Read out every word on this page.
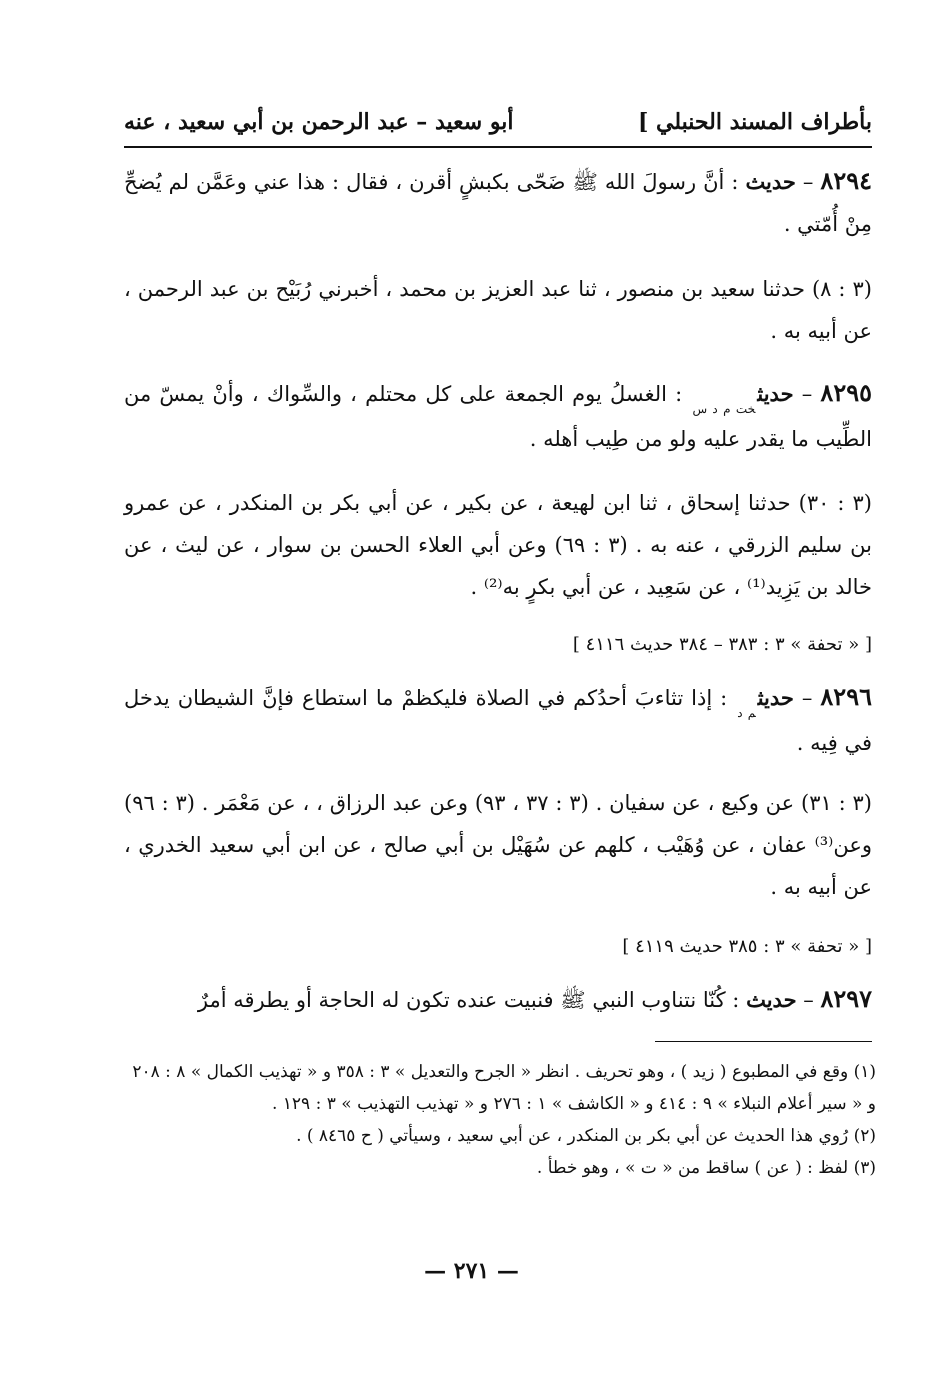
بأطراف المسند الحنبلي ]
أبو سعيد – عبد الرحمن بن أبي سعيد ، عنه
٨٢٩٤ – حديث : أنَّ رسولَ الله ﷺ ضَحّى بكبشٍ أقرن ، فقال : هذا عني وعَمَّن لم يُضحِّ مِنْ أُمّتي .
(٣ : ٨) حدثنا سعيد بن منصور ، ثنا عبد العزيز بن محمد ، أخبرني رُبَيْح بن عبد الرحمن ، عن أبيه به .
٨٢٩٥ – حديث$_{خت م د س}$ : الغسلُ يوم الجمعة على كل محتلم ، والسِّواك ، وأنْ يمسّ من الطِّيب ما يقدر عليه ولو من طِيب أهله .
(٣ : ٣٠) حدثنا إسحاق ، ثنا ابن لهيعة ، عن بكير ، عن أبي بكر بن المنكدر ، عن عمرو بن سليم الزرقي ، عنه به . (٣ : ٦٩) وعن أبي العلاء الحسن بن سوار ، عن ليث ، عن خالد بن يَزِيد⁽¹⁾ ، عن سَعِيد ، عن أبي بكرٍ به⁽²⁾ .
[ « تحفة » ٣ : ٣٨٣ – ٣٨٤ حديث ٤١١٦ ]
٨٢٩٦ – حديث$_{م د}$ : إذا تثاءبَ أحدُكم في الصلاة فليكظمْ ما استطاع فإنَّ الشيطان يدخل في فِيه .
(٣ : ٣١) عن وكيع ، عن سفيان . (٣ : ٣٧ ، ٩٣) وعن عبد الرزاق ، ، عن مَعْمَر . (٣ : ٩٦) وعن⁽³⁾ عفان ، عن وُهَيْب ، كلهم عن سُهَيْل بن أبي صالح ، عن ابن أبي سعيد الخدري ، عن أبيه به .
[ « تحفة » ٣ : ٣٨٥ حديث ٤١١٩ ]
٨٢٩٧ – حديث : كُنّا نتناوب النبي ﷺ فنبيت عنده تكون له الحاجة أو يطرقه أمرٌ

(١) وقع في المطبوع ( زيد ) ، وهو تحريف . انظر « الجرح والتعديل » ٣ : ٣٥٨ و « تهذيب الكمال » ٨ : ٢٠٨ و « سير أعلام النبلاء » ٩ : ٤١٤ و « الكاشف » ١ : ٢٧٦ و « تهذيب التهذيب » ٣ : ١٢٩ .

(٢) رُوي هذا الحديث عن أبي بكر بن المنكدر ، عن أبي سعيد ، وسيأتي ( ح ٨٤٦٥ ) .

(٣) لفظ : ( عن ) ساقط من « ت » ، وهو خطأ .

— ٢٧١ —
